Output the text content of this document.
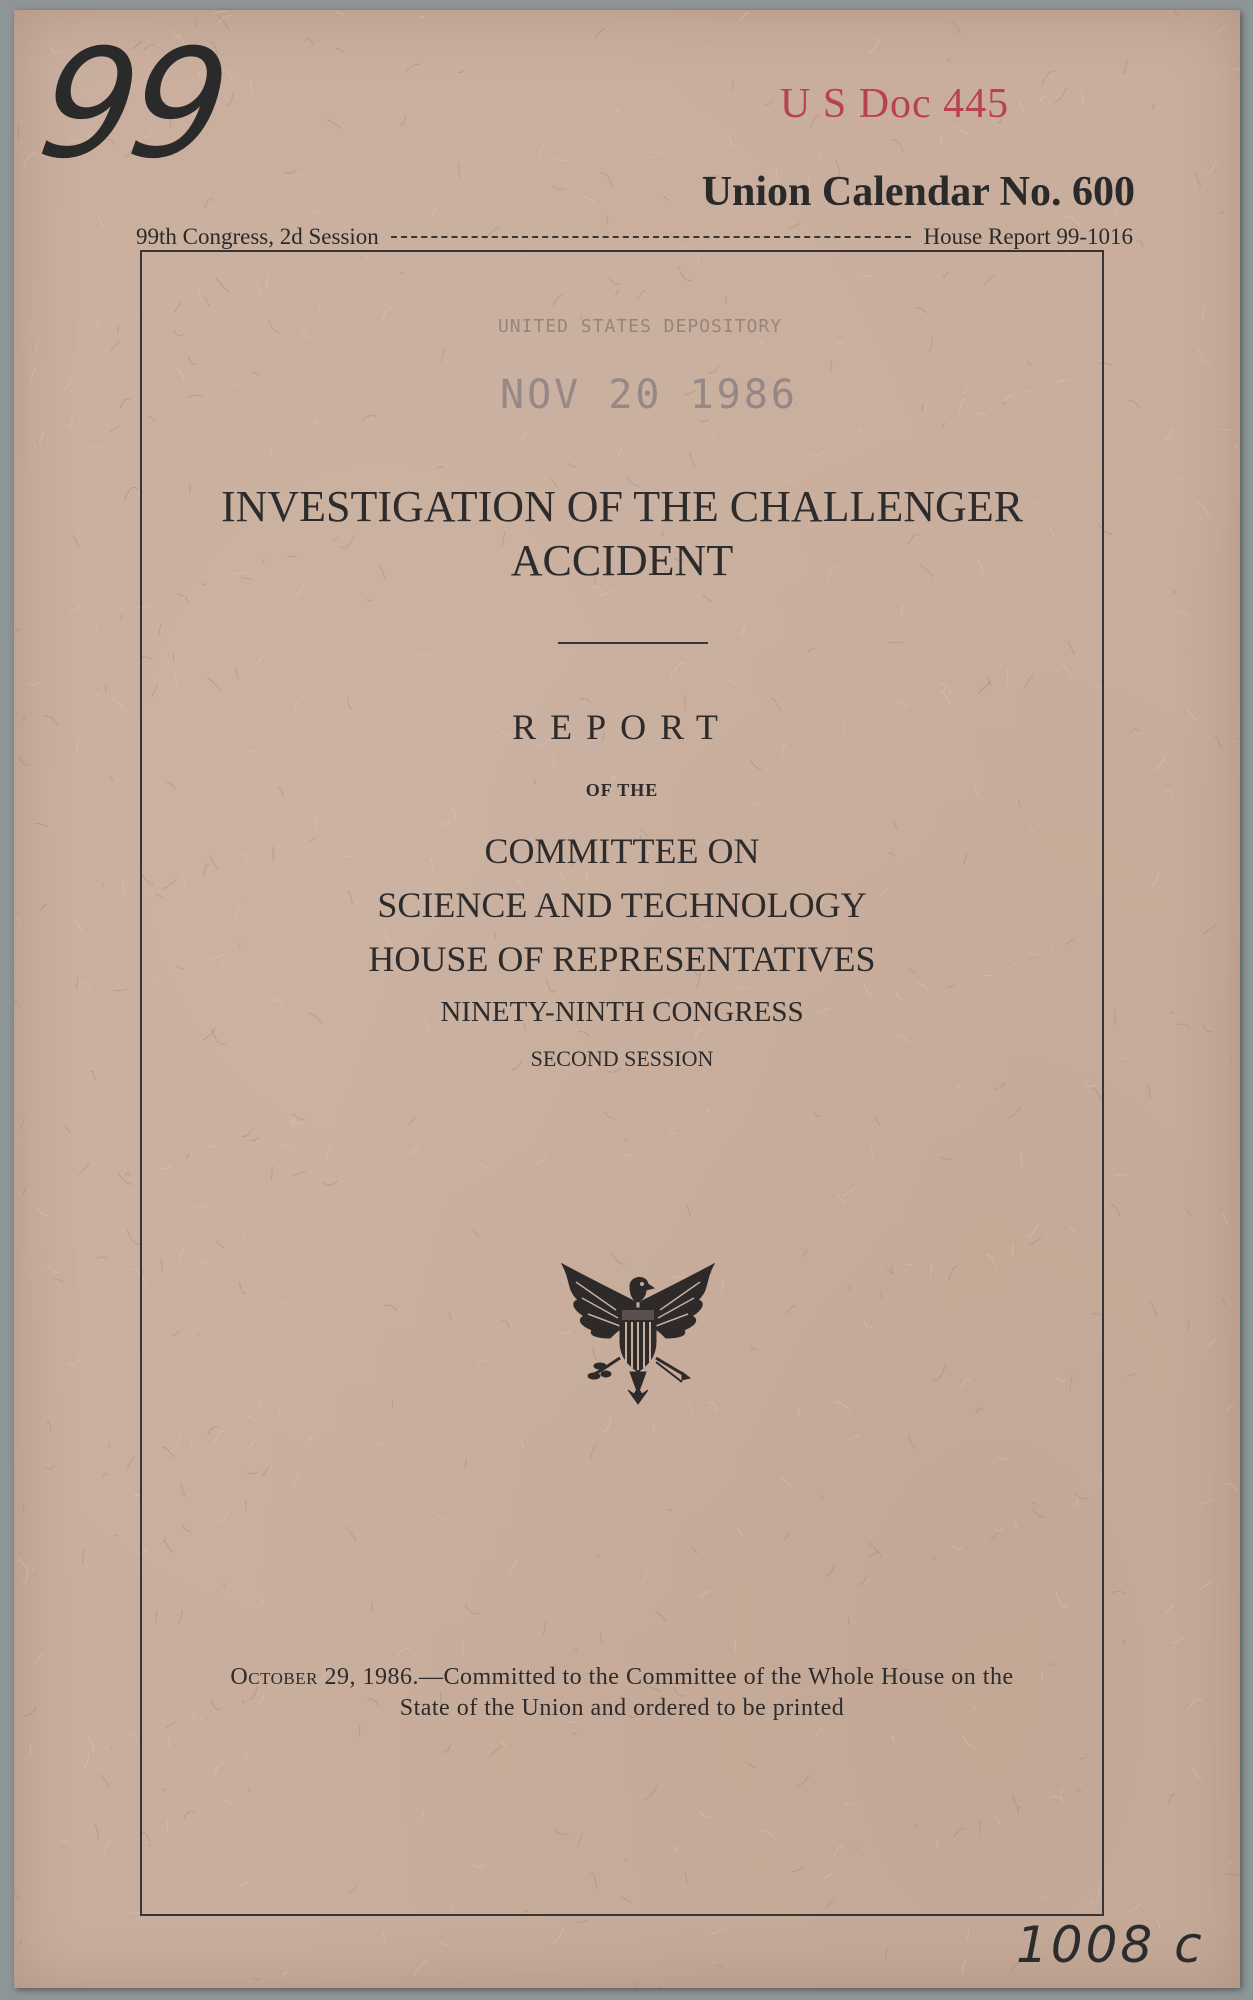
99	U S Doc 445
Union Calendar No. 600
99th Congress, 2d Session	House Report 99-1016
UNITED STATES DEPOSITORY
NOV 20 1986
INVESTIGATION OF THE CHALLENGER
ACCIDENT
REPORT
OF THE
COMMITTEE ON
SCIENCE AND TECHNOLOGY
HOUSE OF REPRESENTATIVES
NINETY-NINTH CONGRESS
SECOND SESSION
October 29, 1986.—Committed to the Committee of the Whole House on the State of the Union and ordered to be printed
1008 c
